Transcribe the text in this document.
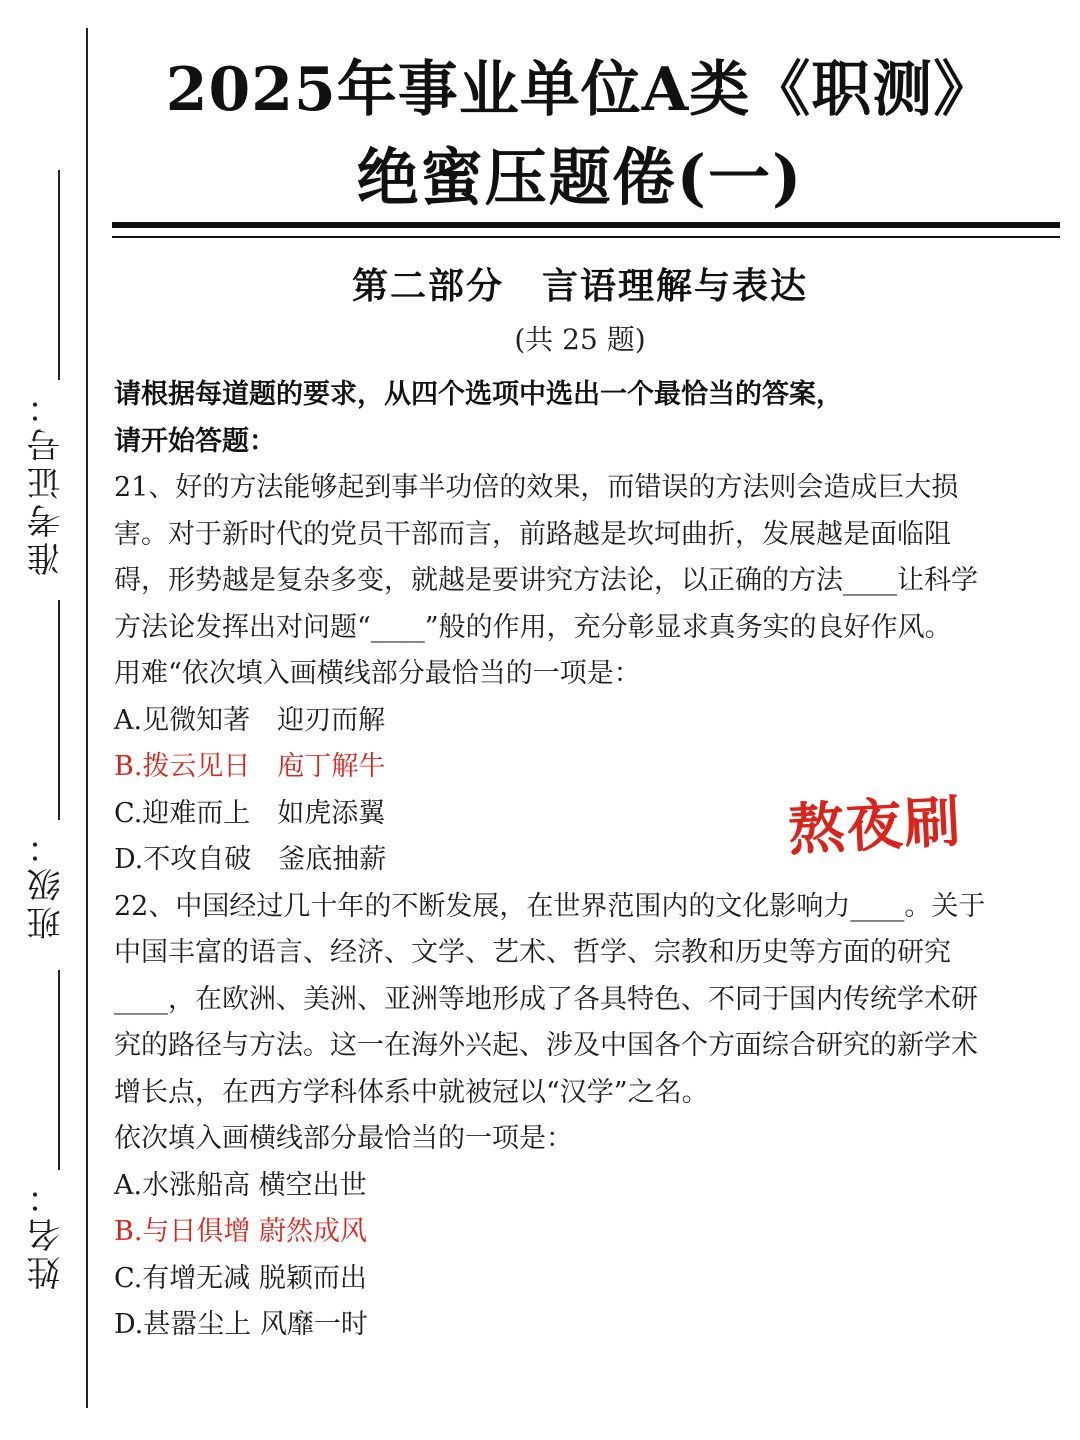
准考证号：
班级：
姓名：
2025年事业单位A类《职测》
绝蜜压题倦(一)
第二部分　言语理解与表达
(共 25 题)

请根据每道题的要求，从四个选项中选出一个最恰当的答案，

请开始答题：

21、好的方法能够起到事半功倍的效果，而错误的方法则会造成巨大损

害。对于新时代的党员干部而言，前路越是坎坷曲折，发展越是面临阻

碍，形势越是复杂多变，就越是要讲究方法论，以正确的方法____让科学

方法论发挥出对问题“____”般的作用，充分彰显求真务实的良好作风。

用难“依次填入画横线部分最恰当的一项是：

A.见微知著　迎刃而解

B.拨云见日　庖丁解牛

C.迎难而上　如虎添翼

D.不攻自破　釜底抽薪

22、中国经过几十年的不断发展，在世界范围内的文化影响力____。关于

中国丰富的语言、经济、文学、艺术、哲学、宗教和历史等方面的研究

____，在欧洲、美洲、亚洲等地形成了各具特色、不同于国内传统学术研

究的路径与方法。这一在海外兴起、涉及中国各个方面综合研究的新学术

增长点，在西方学科体系中就被冠以“汉学”之名。

依次填入画横线部分最恰当的一项是：

A.水涨船高 横空出世

B.与日俱增 蔚然成风

C.有增无减 脱颖而出

D.甚嚣尘上 风靡一时

熬夜刷
